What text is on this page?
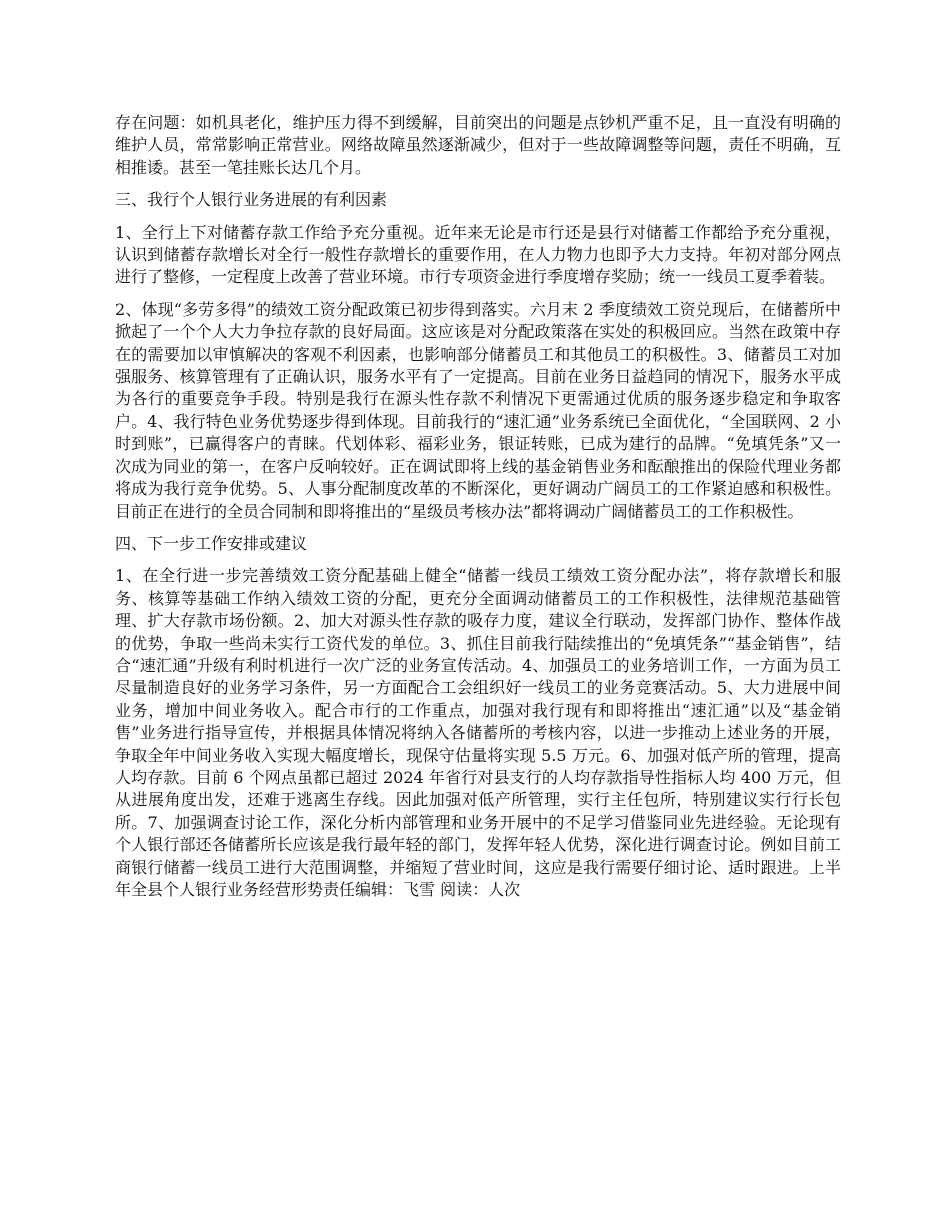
存在问题：如机具老化，维护压力得不到缓解，目前突出的问题是点钞机严重不足，且一直没有明确的维护人员，常常影响正常营业。网络故障虽然逐渐减少，但对于一些故障调整等问题，责任不明确，互相推诿。甚至一笔挂账长达几个月。

三、我行个人银行业务进展的有利因素

1、全行上下对储蓄存款工作给予充分重视。近年来无论是市行还是县行对储蓄工作都给予充分重视，认识到储蓄存款增长对全行一般性存款增长的重要作用，在人力物力也即予大力支持。年初对部分网点进行了整修，一定程度上改善了营业环境。市行专项资金进行季度增存奖励；统一一线员工夏季着装。

2、体现“多劳多得”的绩效工资分配政策已初步得到落实。六月末 2 季度绩效工资兑现后，在储蓄所中掀起了一个个人大力争拉存款的良好局面。这应该是对分配政策落在实处的积极回应。当然在政策中存在的需要加以审慎解决的客观不利因素，也影响部分储蓄员工和其他员工的积极性。3、储蓄员工对加强服务、核算管理有了正确认识，服务水平有了一定提高。目前在业务日益趋同的情况下，服务水平成为各行的重要竞争手段。特别是我行在源头性存款不利情况下更需通过优质的服务逐步稳定和争取客户。4、我行特色业务优势逐步得到体现。目前我行的“速汇通”业务系统已全面优化，“全国联网、2 小时到账”，已赢得客户的青睐。代划体彩、福彩业务，银证转账，已成为建行的品牌。“免填凭条”又一次成为同业的第一，在客户反响较好。正在调试即将上线的基金销售业务和酝酿推出的保险代理业务都将成为我行竞争优势。5、人事分配制度改革的不断深化，更好调动广阔员工的工作紧迫感和积极性。目前正在进行的全员合同制和即将推出的“星级员考核办法”都将调动广阔储蓄员工的工作积极性。

四、下一步工作安排或建议

1、在全行进一步完善绩效工资分配基础上健全“储蓄一线员工绩效工资分配办法”，将存款增长和服务、核算等基础工作纳入绩效工资的分配，更充分全面调动储蓄员工的工作积极性，法律规范基础管理、扩大存款市场份额。2、加大对源头性存款的吸存力度，建议全行联动，发挥部门协作、整体作战的优势，争取一些尚未实行工资代发的单位。3、抓住目前我行陆续推出的“免填凭条”“基金销售”，结合“速汇通”升级有利时机进行一次广泛的业务宣传活动。4、加强员工的业务培训工作，一方面为员工尽量制造良好的业务学习条件，另一方面配合工会组织好一线员工的业务竞赛活动。5、大力进展中间业务，增加中间业务收入。配合市行的工作重点，加强对我行现有和即将推出“速汇通”以及“基金销售”业务进行指导宣传，并根据具体情况将纳入各储蓄所的考核内容，以进一步推动上述业务的开展，争取全年中间业务收入实现大幅度增长，现保守估量将实现 5.5 万元。6、加强对低产所的管理，提高人均存款。目前 6 个网点虽都已超过 2024 年省行对县支行的人均存款指导性指标人均 400 万元，但从进展角度出发，还难于逃离生存线。因此加强对低产所管理，实行主任包所，特别建议实行行长包所。7、加强调查讨论工作，深化分析内部管理和业务开展中的不足学习借鉴同业先进经验。无论现有个人银行部还各储蓄所长应该是我行最年轻的部门，发挥年轻人优势，深化进行调查讨论。例如目前工商银行储蓄一线员工进行大范围调整，并缩短了营业时间，这应是我行需要仔细讨论、适时跟进。上半年全县个人银行业务经营形势责任编辑：飞雪 阅读：人次
